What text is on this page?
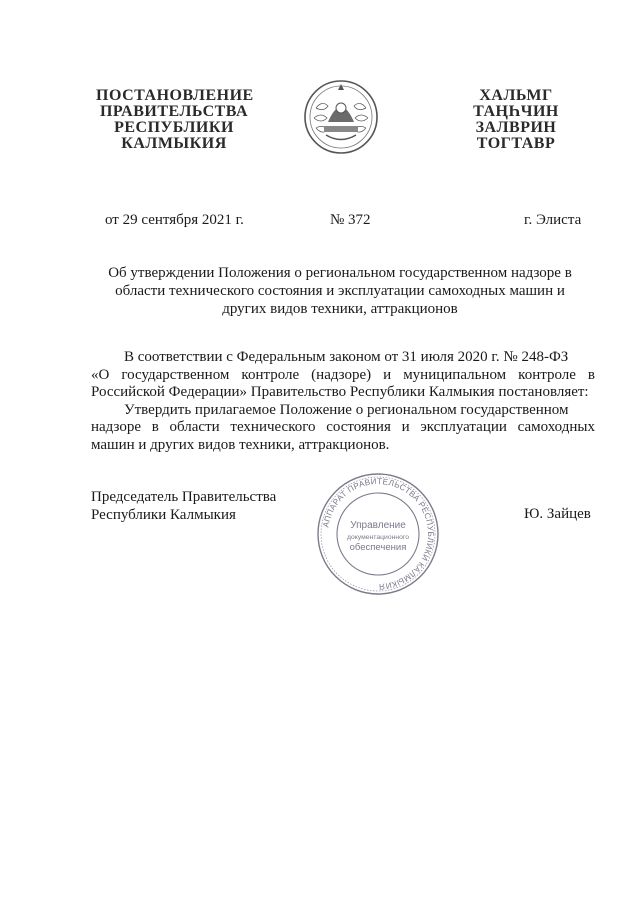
ПОСТАНОВЛЕНИЕ
ПРАВИТЕЛЬСТВА
РЕСПУБЛИКИ
КАЛМЫКИЯ
ХАЛЬМГ
ТАҢҺЧИН
ЗАЛВРИН
ТОГТАВР
от 29 сентября 2021 г.	№ 372	г. Элиста
Об утверждении Положения о региональном государственном надзоре в
области технического состояния и эксплуатации самоходных машин и
других видов техники, аттракционов
В соответствии с Федеральным законом от 31 июля 2020 г. № 248-ФЗ
«О государственном контроле (надзоре) и муниципальном контроле в
Российской Федерации» Правительство Республики Калмыкия постановляет:
Утвердить прилагаемое Положение о региональном государственном
надзоре в области технического состояния и эксплуатации самоходных
машин и других видов техники, аттракционов.
Председатель Правительства
Республики Калмыкия
АППАРАТ ПРАВИТЕЛЬСТВА РЕСПУБЛИКИ КАЛМЫКИЯ
Управление
документационного
обеспечения
Ю. Зайцев
